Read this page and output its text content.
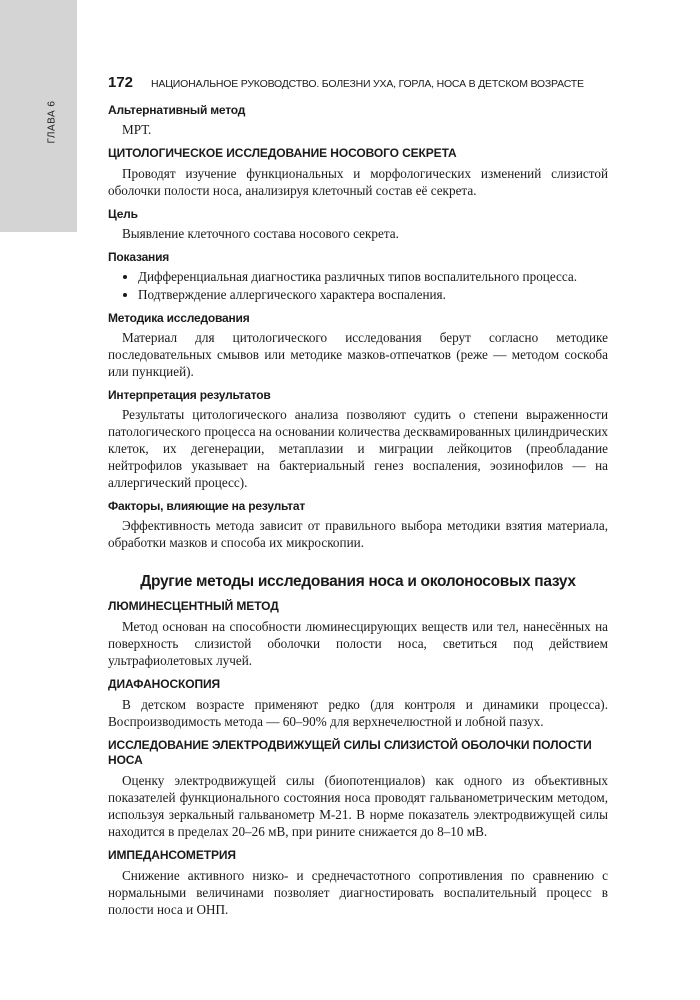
ГЛАВА 6
172 НАЦИОНАЛЬНОЕ РУКОВОДСТВО. БОЛЕЗНИ УХА, ГОРЛА, НОСА В ДЕТСКОМ ВОЗРАСТЕ
Альтернативный метод

МРТ.

ЦИТОЛОГИЧЕСКОЕ ИССЛЕДОВАНИЕ НОСОВОГО СЕКРЕТА

Проводят изучение функциональных и морфологических изменений слизистой оболочки полости носа, анализируя клеточный состав её секрета.

Цель

Выявление клеточного состава носового секрета.

Показания
• Дифференциальная диагностика различных типов воспалительного процесса.
• Подтверждение аллергического характера воспаления.
Методика исследования

Материал для цитологического исследования берут согласно методике последовательных смывов или методике мазков-отпечатков (реже — методом соскоба или пункцией).

Интерпретация результатов

Результаты цитологического анализа позволяют судить о степени выраженности патологического процесса на основании количества десквамированных цилиндрических клеток, их дегенерации, метаплазии и миграции лейкоцитов (преобладание нейтрофилов указывает на бактериальный генез воспаления, эозинофилов — на аллергический процесс).

Факторы, влияющие на результат

Эффективность метода зависит от правильного выбора методики взятия материала, обработки мазков и способа их микроскопии.

Другие методы исследования носа и околоносовых пазух
ЛЮМИНЕСЦЕНТНЫЙ МЕТОД

Метод основан на способности люминесцирующих веществ или тел, нанесённых на поверхность слизистой оболочки полости носа, светиться под действием ультрафиолетовых лучей.

ДИАФАНОСКОПИЯ

В детском возрасте применяют редко (для контроля и динамики процесса). Воспроизводимость метода — 60–90% для верхнечелюстной и лобной пазух.

ИССЛЕДОВАНИЕ ЭЛЕКТРОДВИЖУЩЕЙ СИЛЫ СЛИЗИСТОЙ ОБОЛОЧКИ ПОЛОСТИ НОСА

Оценку электродвижущей силы (биопотенциалов) как одного из объективных показателей функционального состояния носа проводят гальванометрическим методом, используя зеркальный гальванометр М-21. В норме показатель электродвижущей силы находится в пределах 20–26 мВ, при рините снижается до 8–10 мВ.

ИМПЕДАНСОМЕТРИЯ

Снижение активного низко- и среднечастотного сопротивления по сравнению с нормальными величинами позволяет диагностировать воспалительный процесс в полости носа и ОНП.
